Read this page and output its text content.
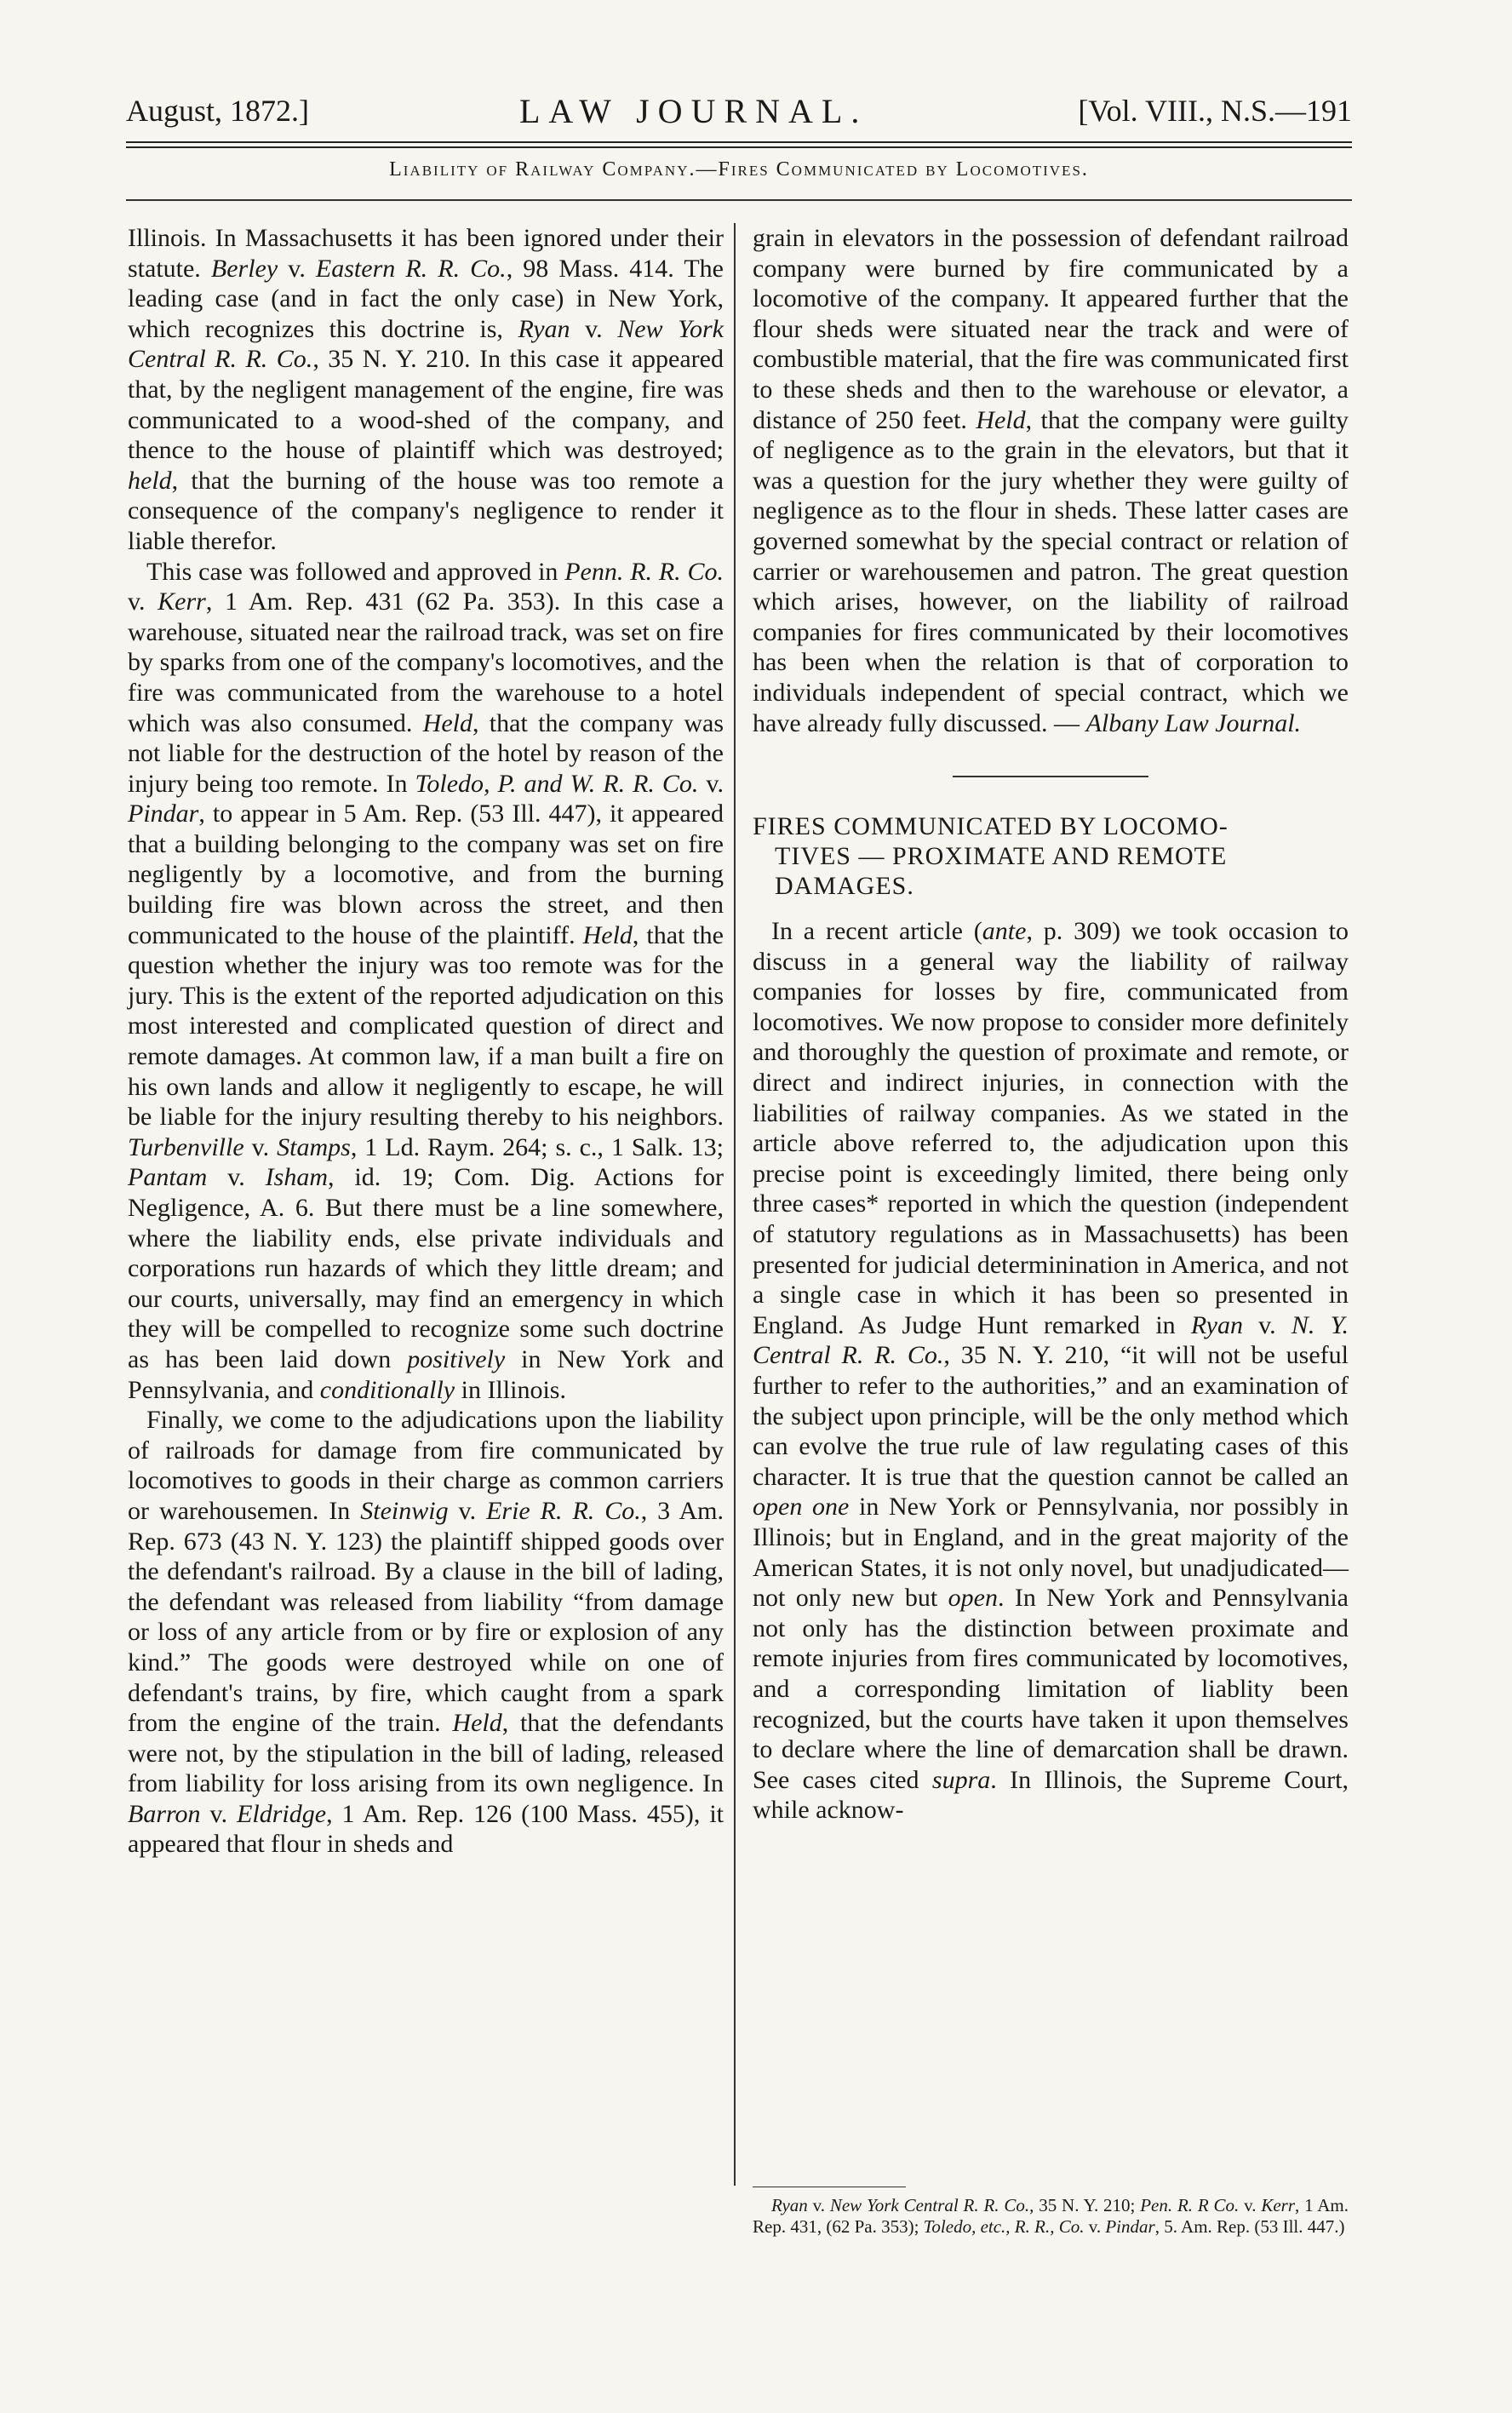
August, 1872.]	LAW JOURNAL.	[Vol. VIII., N.S.—191
Liability of Railway Company.—Fires Communicated by Locomotives.

Illinois. In Massachusetts it has been ignored under their statute. Berley v. Eastern R. R. Co., 98 Mass. 414. The leading case (and in fact the only case) in New York, which recognizes this doctrine is, Ryan v. New York Central R. R. Co., 35 N. Y. 210. In this case it appeared that, by the negligent management of the engine, fire was communicated to a wood-shed of the company, and thence to the house of plaintiff which was destroyed; held, that the burning of the house was too remote a consequence of the company's negligence to render it liable therefor.

This case was followed and approved in Penn. R. R. Co. v. Kerr, 1 Am. Rep. 431 (62 Pa. 353). In this case a warehouse, situated near the railroad track, was set on fire by sparks from one of the company's locomotives, and the fire was communicated from the warehouse to a hotel which was also consumed. Held, that the company was not liable for the destruction of the hotel by reason of the injury being too remote. In Toledo, P. and W. R. R. Co. v. Pindar, to appear in 5 Am. Rep. (53 Ill. 447), it appeared that a building belonging to the company was set on fire negligently by a locomotive, and from the burning building fire was blown across the street, and then communicated to the house of the plaintiff. Held, that the question whether the injury was too remote was for the jury. This is the extent of the reported adjudication on this most interested and complicated question of direct and remote damages. At common law, if a man built a fire on his own lands and allow it negligently to escape, he will be liable for the injury resulting thereby to his neighbors. Turbenville v. Stamps, 1 Ld. Raym. 264; s. c., 1 Salk. 13; Pantam v. Isham, id. 19; Com. Dig. Actions for Negligence, A. 6. But there must be a line somewhere, where the liability ends, else private individuals and corporations run hazards of which they little dream; and our courts, universally, may find an emergency in which they will be compelled to recognize some such doctrine as has been laid down positively in New York and Pennsylvania, and conditionally in Illinois.

Finally, we come to the adjudications upon the liability of railroads for damage from fire communicated by locomotives to goods in their charge as common carriers or warehousemen. In Steinwig v. Erie R. R. Co., 3 Am. Rep. 673 (43 N. Y. 123) the plaintiff shipped goods over the defendant's railroad. By a clause in the bill of lading, the defendant was released from liability “from damage or loss of any article from or by fire or explosion of any kind.” The goods were destroyed while on one of defendant's trains, by fire, which caught from a spark from the engine of the train. Held, that the defendants were not, by the stipulation in the bill of lading, released from liability for loss arising from its own negligence. In Barron v. Eldridge, 1 Am. Rep. 126 (100 Mass. 455), it appeared that flour in sheds and

grain in elevators in the possession of defendant railroad company were burned by fire communicated by a locomotive of the company. It appeared further that the flour sheds were situated near the track and were of combustible material, that the fire was communicated first to these sheds and then to the warehouse or elevator, a distance of 250 feet. Held, that the company were guilty of negligence as to the grain in the elevators, but that it was a question for the jury whether they were guilty of negligence as to the flour in sheds. These latter cases are governed somewhat by the special contract or relation of carrier or warehousemen and patron. The great question which arises, however, on the liability of railroad companies for fires communicated by their locomotives has been when the relation is that of corporation to individuals independent of special contract, which we have already fully discussed. — Albany Law Journal.

FIRES COMMUNICATED BY LOCOMO-
TIVES — PROXIMATE AND REMOTE
DAMAGES.

In a recent article (ante, p. 309) we took occasion to discuss in a general way the liability of railway companies for losses by fire, communicated from locomotives. We now propose to consider more definitely and thoroughly the question of proximate and remote, or direct and indirect injuries, in connection with the liabilities of railway companies. As we stated in the article above referred to, the adjudication upon this precise point is exceedingly limited, there being only three cases* reported in which the question (independent of statutory regulations as in Massachusetts) has been presented for judicial determinination in America, and not a single case in which it has been so presented in England. As Judge Hunt remarked in Ryan v. N. Y. Central R. R. Co., 35 N. Y. 210, “it will not be useful further to refer to the authorities,” and an examination of the subject upon principle, will be the only method which can evolve the true rule of law regulating cases of this character. It is true that the question cannot be called an open one in New York or Pennsylvania, nor possibly in Illinois; but in England, and in the great majority of the American States, it is not only novel, but unadjudicated—not only new but open. In New York and Pennsylvania not only has the distinction between proximate and remote injuries from fires communicated by locomotives, and a corresponding limitation of liablity been recognized, but the courts have taken it upon themselves to declare where the line of demarcation shall be drawn. See cases cited supra. In Illinois, the Supreme Court, while acknow-

Ryan v. New York Central R. R. Co., 35 N. Y. 210; Pen. R. R Co. v. Kerr, 1 Am. Rep. 431, (62 Pa. 353); Toledo, etc., R. R., Co. v. Pindar, 5. Am. Rep. (53 Ill. 447.)
